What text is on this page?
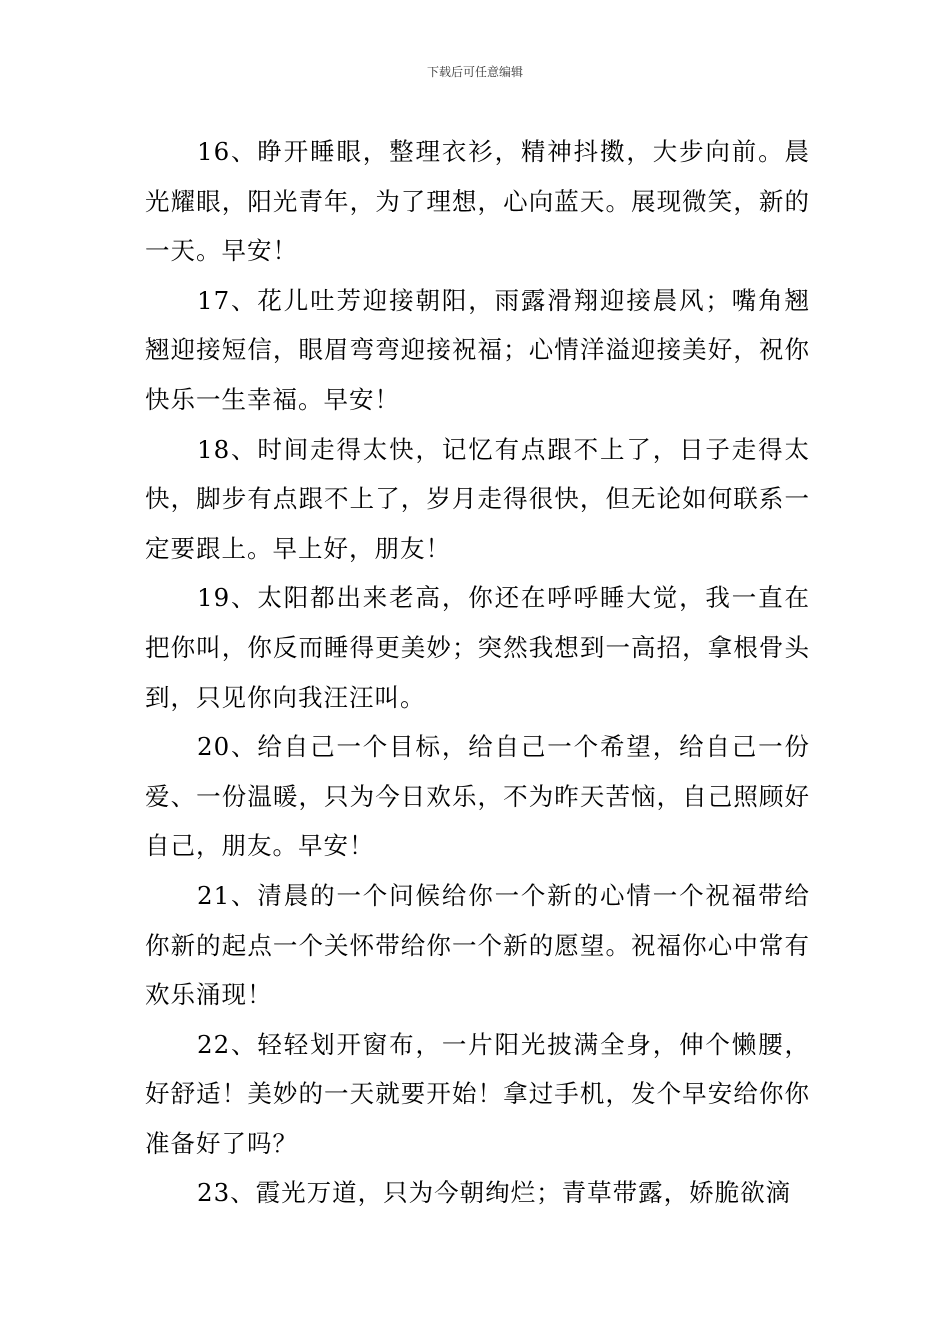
下载后可任意编辑

16、睁开睡眼，整理衣衫，精神抖擞，大步向前。晨光耀眼，阳光青年，为了理想，心向蓝天。展现微笑，新的一天。早安！

17、花儿吐芳迎接朝阳，雨露滑翔迎接晨风；嘴角翘翘迎接短信，眼眉弯弯迎接祝福；心情洋溢迎接美好，祝你快乐一生幸福。早安！

18、时间走得太快，记忆有点跟不上了，日子走得太快，脚步有点跟不上了，岁月走得很快，但无论如何联系一定要跟上。早上好，朋友！

19、太阳都出来老高，你还在呼呼睡大觉，我一直在把你叫，你反而睡得更美妙；突然我想到一高招，拿根骨头到，只见你向我汪汪叫。

20、给自己一个目标，给自己一个希望，给自己一份爱、一份温暖，只为今日欢乐，不为昨天苦恼，自己照顾好自己，朋友。早安！

21、清晨的一个问候给你一个新的心情一个祝福带给你新的起点一个关怀带给你一个新的愿望。祝福你心中常有欢乐涌现！

22、轻轻划开窗布，一片阳光披满全身，伸个懒腰，好舒适！美妙的一天就要开始！拿过手机，发个早安给你你准备好了吗？

23、霞光万道，只为今朝绚烂；青草带露，娇脆欲滴
